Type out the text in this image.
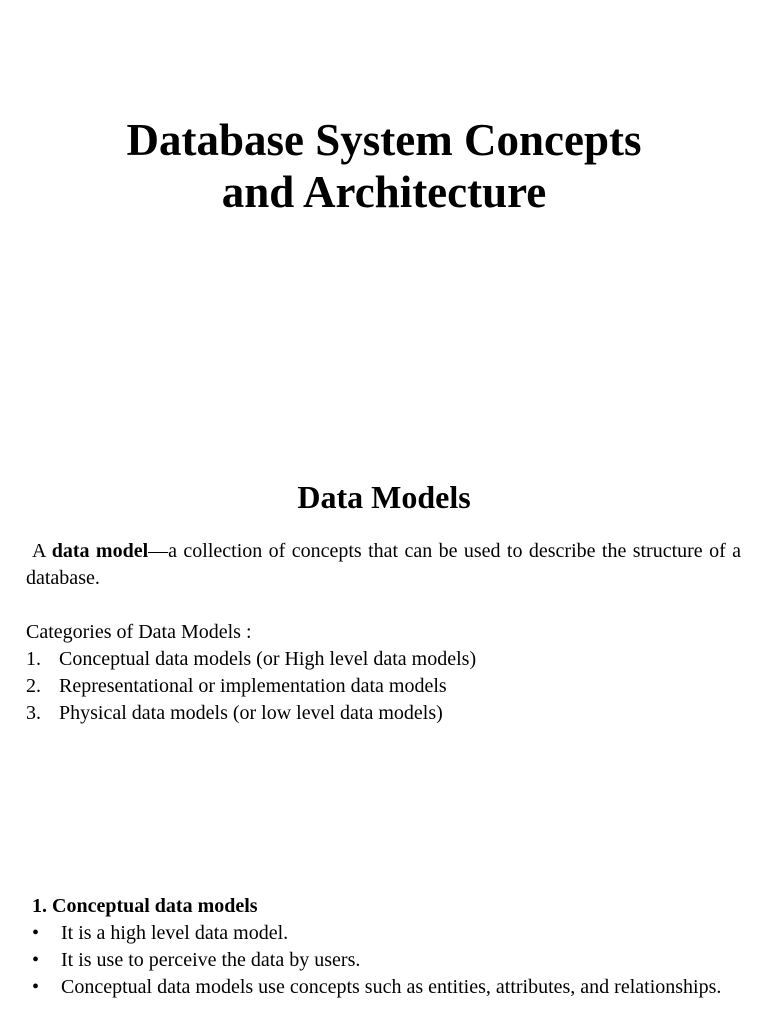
Database System Concepts
and Architecture
Data Models

A data model—a collection of concepts that can be used to describe the structure of a database.

Categories of Data Models :
1. Conceptual data models (or High level data models)
2. Representational or implementation data models
3. Physical data models (or low level data models)
1. Conceptual data models
• It is a high level data model.
• It is use to perceive the data by users.
• Conceptual data models use concepts such as entities, attributes, and relationships.
